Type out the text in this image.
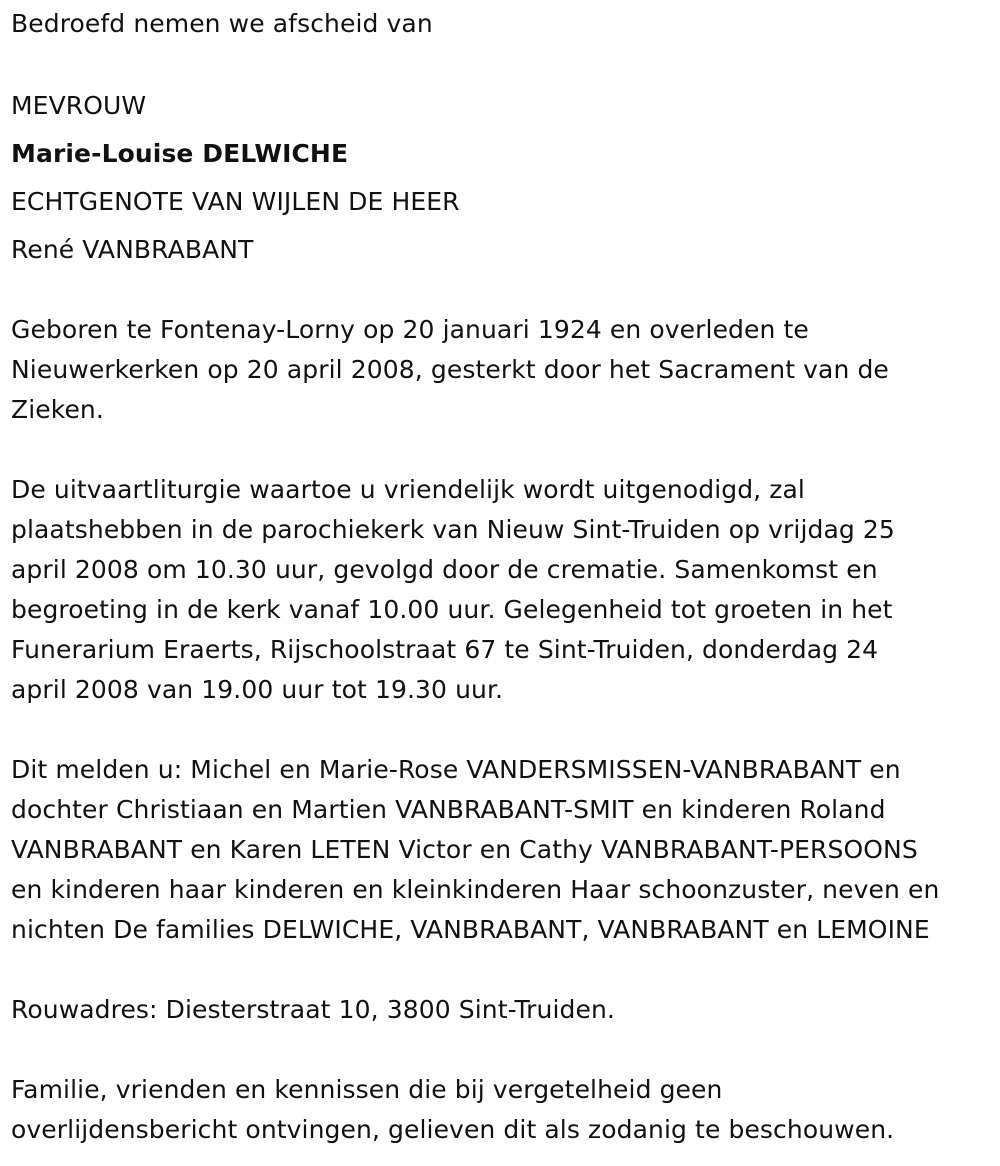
Bedroefd nemen we afscheid van
MEVROUW
Marie-Louise DELWICHE
ECHTGENOTE VAN WIJLEN DE HEER
René VANBRABANT
Geboren te Fontenay-Lorny op 20 januari 1924 en overleden te
Nieuwerkerken op 20 april 2008, gesterkt door het Sacrament van de
Zieken.
De uitvaartliturgie waartoe u vriendelijk wordt uitgenodigd, zal
plaatshebben in de parochiekerk van Nieuw Sint-Truiden op vrijdag 25
april 2008 om 10.30 uur, gevolgd door de crematie. Samenkomst en
begroeting in de kerk vanaf 10.00 uur. Gelegenheid tot groeten in het
Funerarium Eraerts, Rijschoolstraat 67 te Sint-Truiden, donderdag 24
april 2008 van 19.00 uur tot 19.30 uur.
Dit melden u: Michel en Marie-Rose VANDERSMISSEN-VANBRABANT en
dochter Christiaan en Martien VANBRABANT-SMIT en kinderen Roland
VANBRABANT en Karen LETEN Victor en Cathy VANBRABANT-PERSOONS
en kinderen haar kinderen en kleinkinderen Haar schoonzuster, neven en
nichten De families DELWICHE, VANBRABANT, VANBRABANT en LEMOINE
Rouwadres: Diesterstraat 10, 3800 Sint-Truiden.
Familie, vrienden en kennissen die bij vergetelheid geen
overlijdensbericht ontvingen, gelieven dit als zodanig te beschouwen.
